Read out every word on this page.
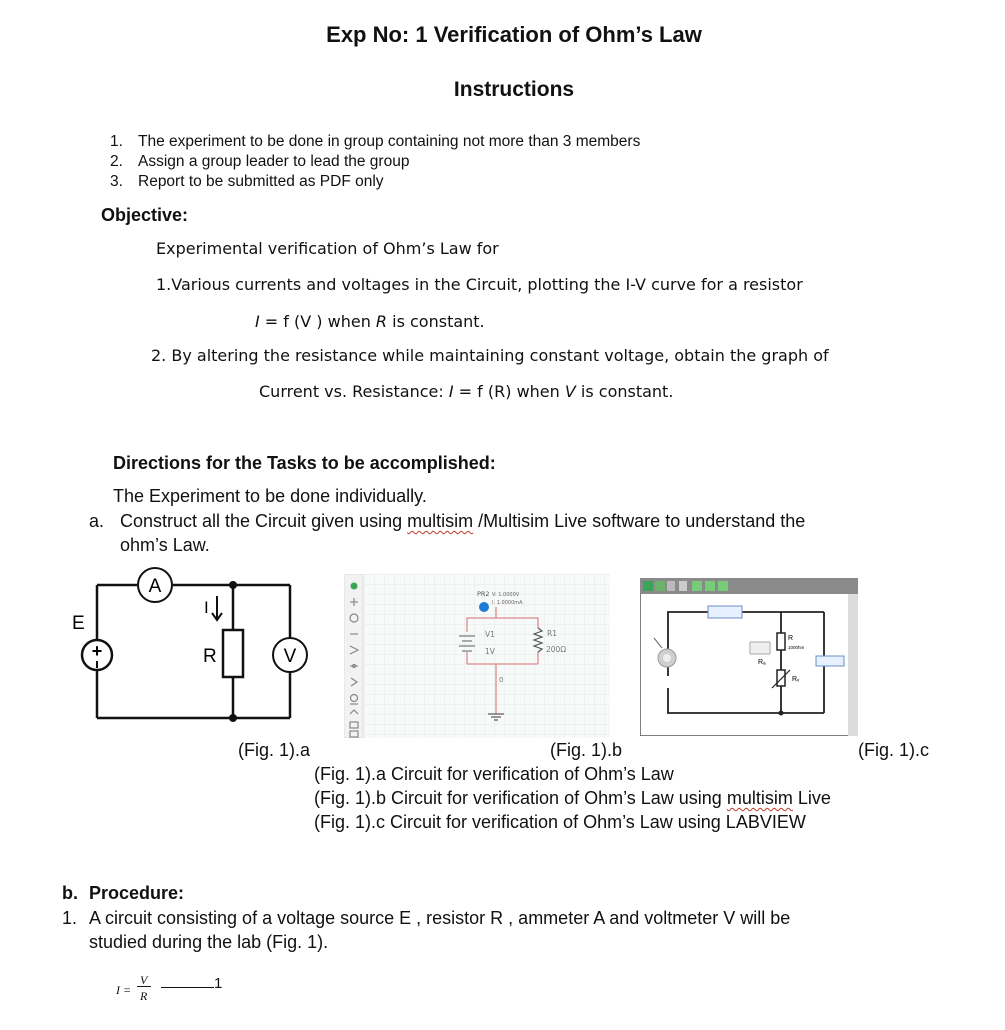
Exp No: 1 Verification of Ohm’s Law
Instructions
1. The experiment to be done in group containing not more than 3 members
2. Assign a group leader to lead the group
3. Report to be submitted as PDF only
Objective:
Experimental verification of Ohm’s Law for
1.Various currents and voltages in the Circuit, plotting the I-V curve for a resistor
I = f (V ) when R is constant.
2. By altering the resistance while maintaining constant voltage, obtain the graph of
Current vs. Resistance: I = f (R) when V is constant.
Directions for the Tasks to be accomplished:
The Experiment to be done individually.
a. Construct all the Circuit given using multisim /Multisim Live software to understand the
ohm’s Law.
A
+
E
R
I
V
PR2 V: 1.0000V
I: 1.0000mA
V1
1V
R1
200Ω
0
R
1000hm
Rₐ
Rᵥ
(Fig. 1).a	(Fig. 1).b	(Fig. 1).c
(Fig. 1).a Circuit for verification of Ohm’s Law
(Fig. 1).b Circuit for verification of Ohm’s Law using multisim Live
(Fig. 1).c Circuit for verification of Ohm’s Law using LABVIEW
b. Procedure:
1. A circuit consisting of a voltage source E , resistor R , ammeter A and voltmeter V will be
studied during the lab (Fig. 1).
I =
V
R
1
